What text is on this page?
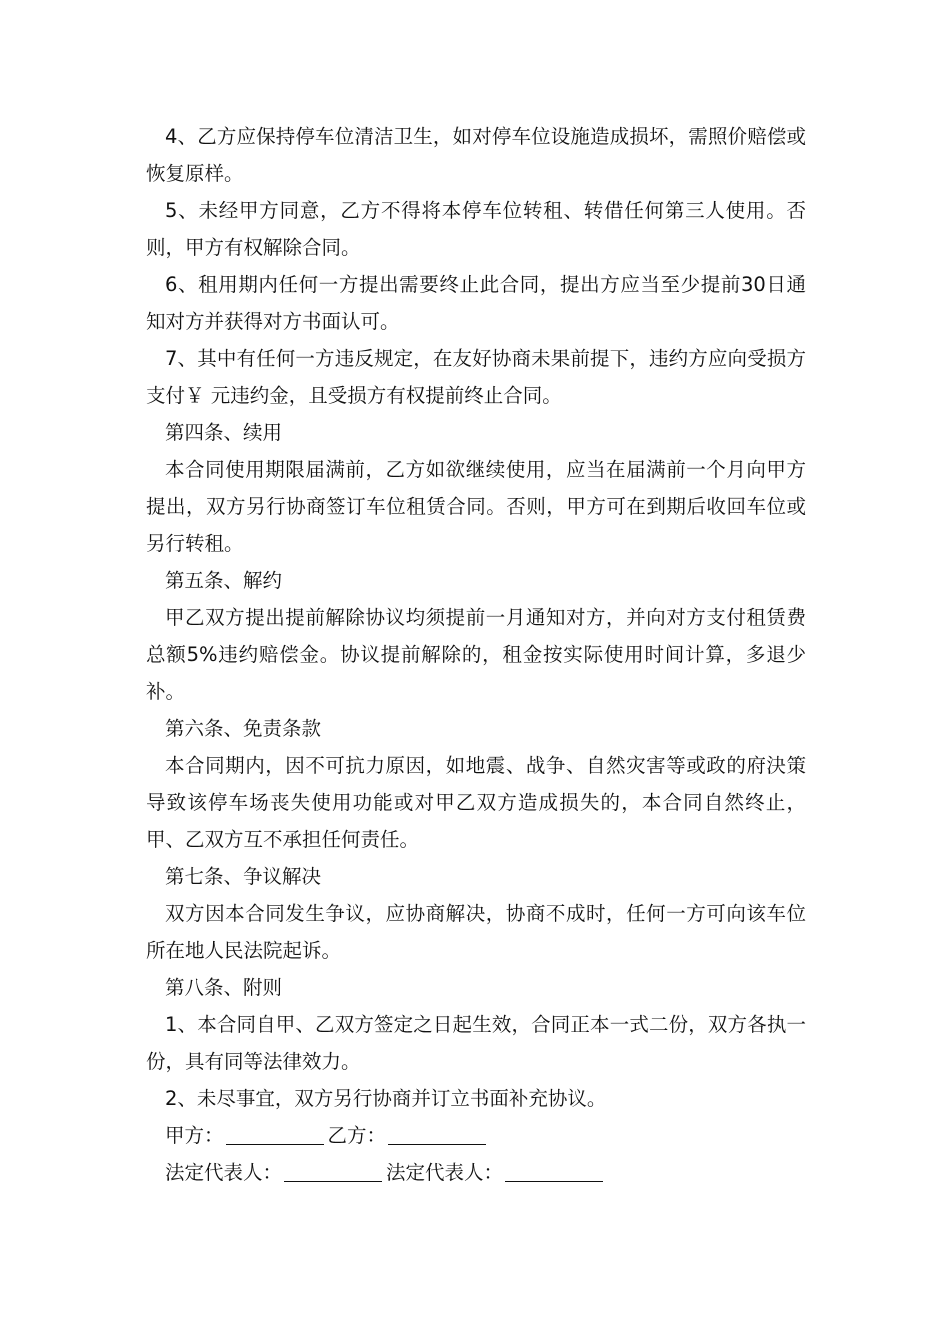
4、乙方应保持停车位清洁卫生，如对停车位设施造成损坏，需照价赔偿或恢复原样。

5、未经甲方同意，乙方不得将本停车位转租、转借任何第三人使用。否则，甲方有权解除合同。

6、租用期内任何一方提出需要终止此合同，提出方应当至少提前30日通知对方并获得对方书面认可。

7、其中有任何一方违反规定，在友好协商未果前提下，违约方应向受损方支付￥ 元违约金，且受损方有权提前终止合同。

第四条、续用

本合同使用期限届满前，乙方如欲继续使用，应当在届满前一个月向甲方提出，双方另行协商签订车位租赁合同。否则，甲方可在到期后收回车位或另行转租。

第五条、解约

甲乙双方提出提前解除协议均须提前一月通知对方，并向对方支付租赁费总额5%违约赔偿金。协议提前解除的，租金按实际使用时间计算，多退少补。

第六条、免责条款

本合同期内，因不可抗力原因，如地震、战争、自然灾害等或政的府決策导致该停车场丧失使用功能或对甲乙双方造成损失的，本合同自然终止，甲、乙双方互不承担任何责任。

第七条、争议解决

双方因本合同发生争议，应协商解决，协商不成时，任何一方可向该车位所在地人民法院起诉。

第八条、附则

1、本合同自甲、乙双方签定之日起生效，合同正本一式二份，双方各执一份，具有同等法律效力。

2、未尽事宜，双方另行协商并订立书面补充协议。

甲方：	乙方：

法定代表人：	法定代表人：
